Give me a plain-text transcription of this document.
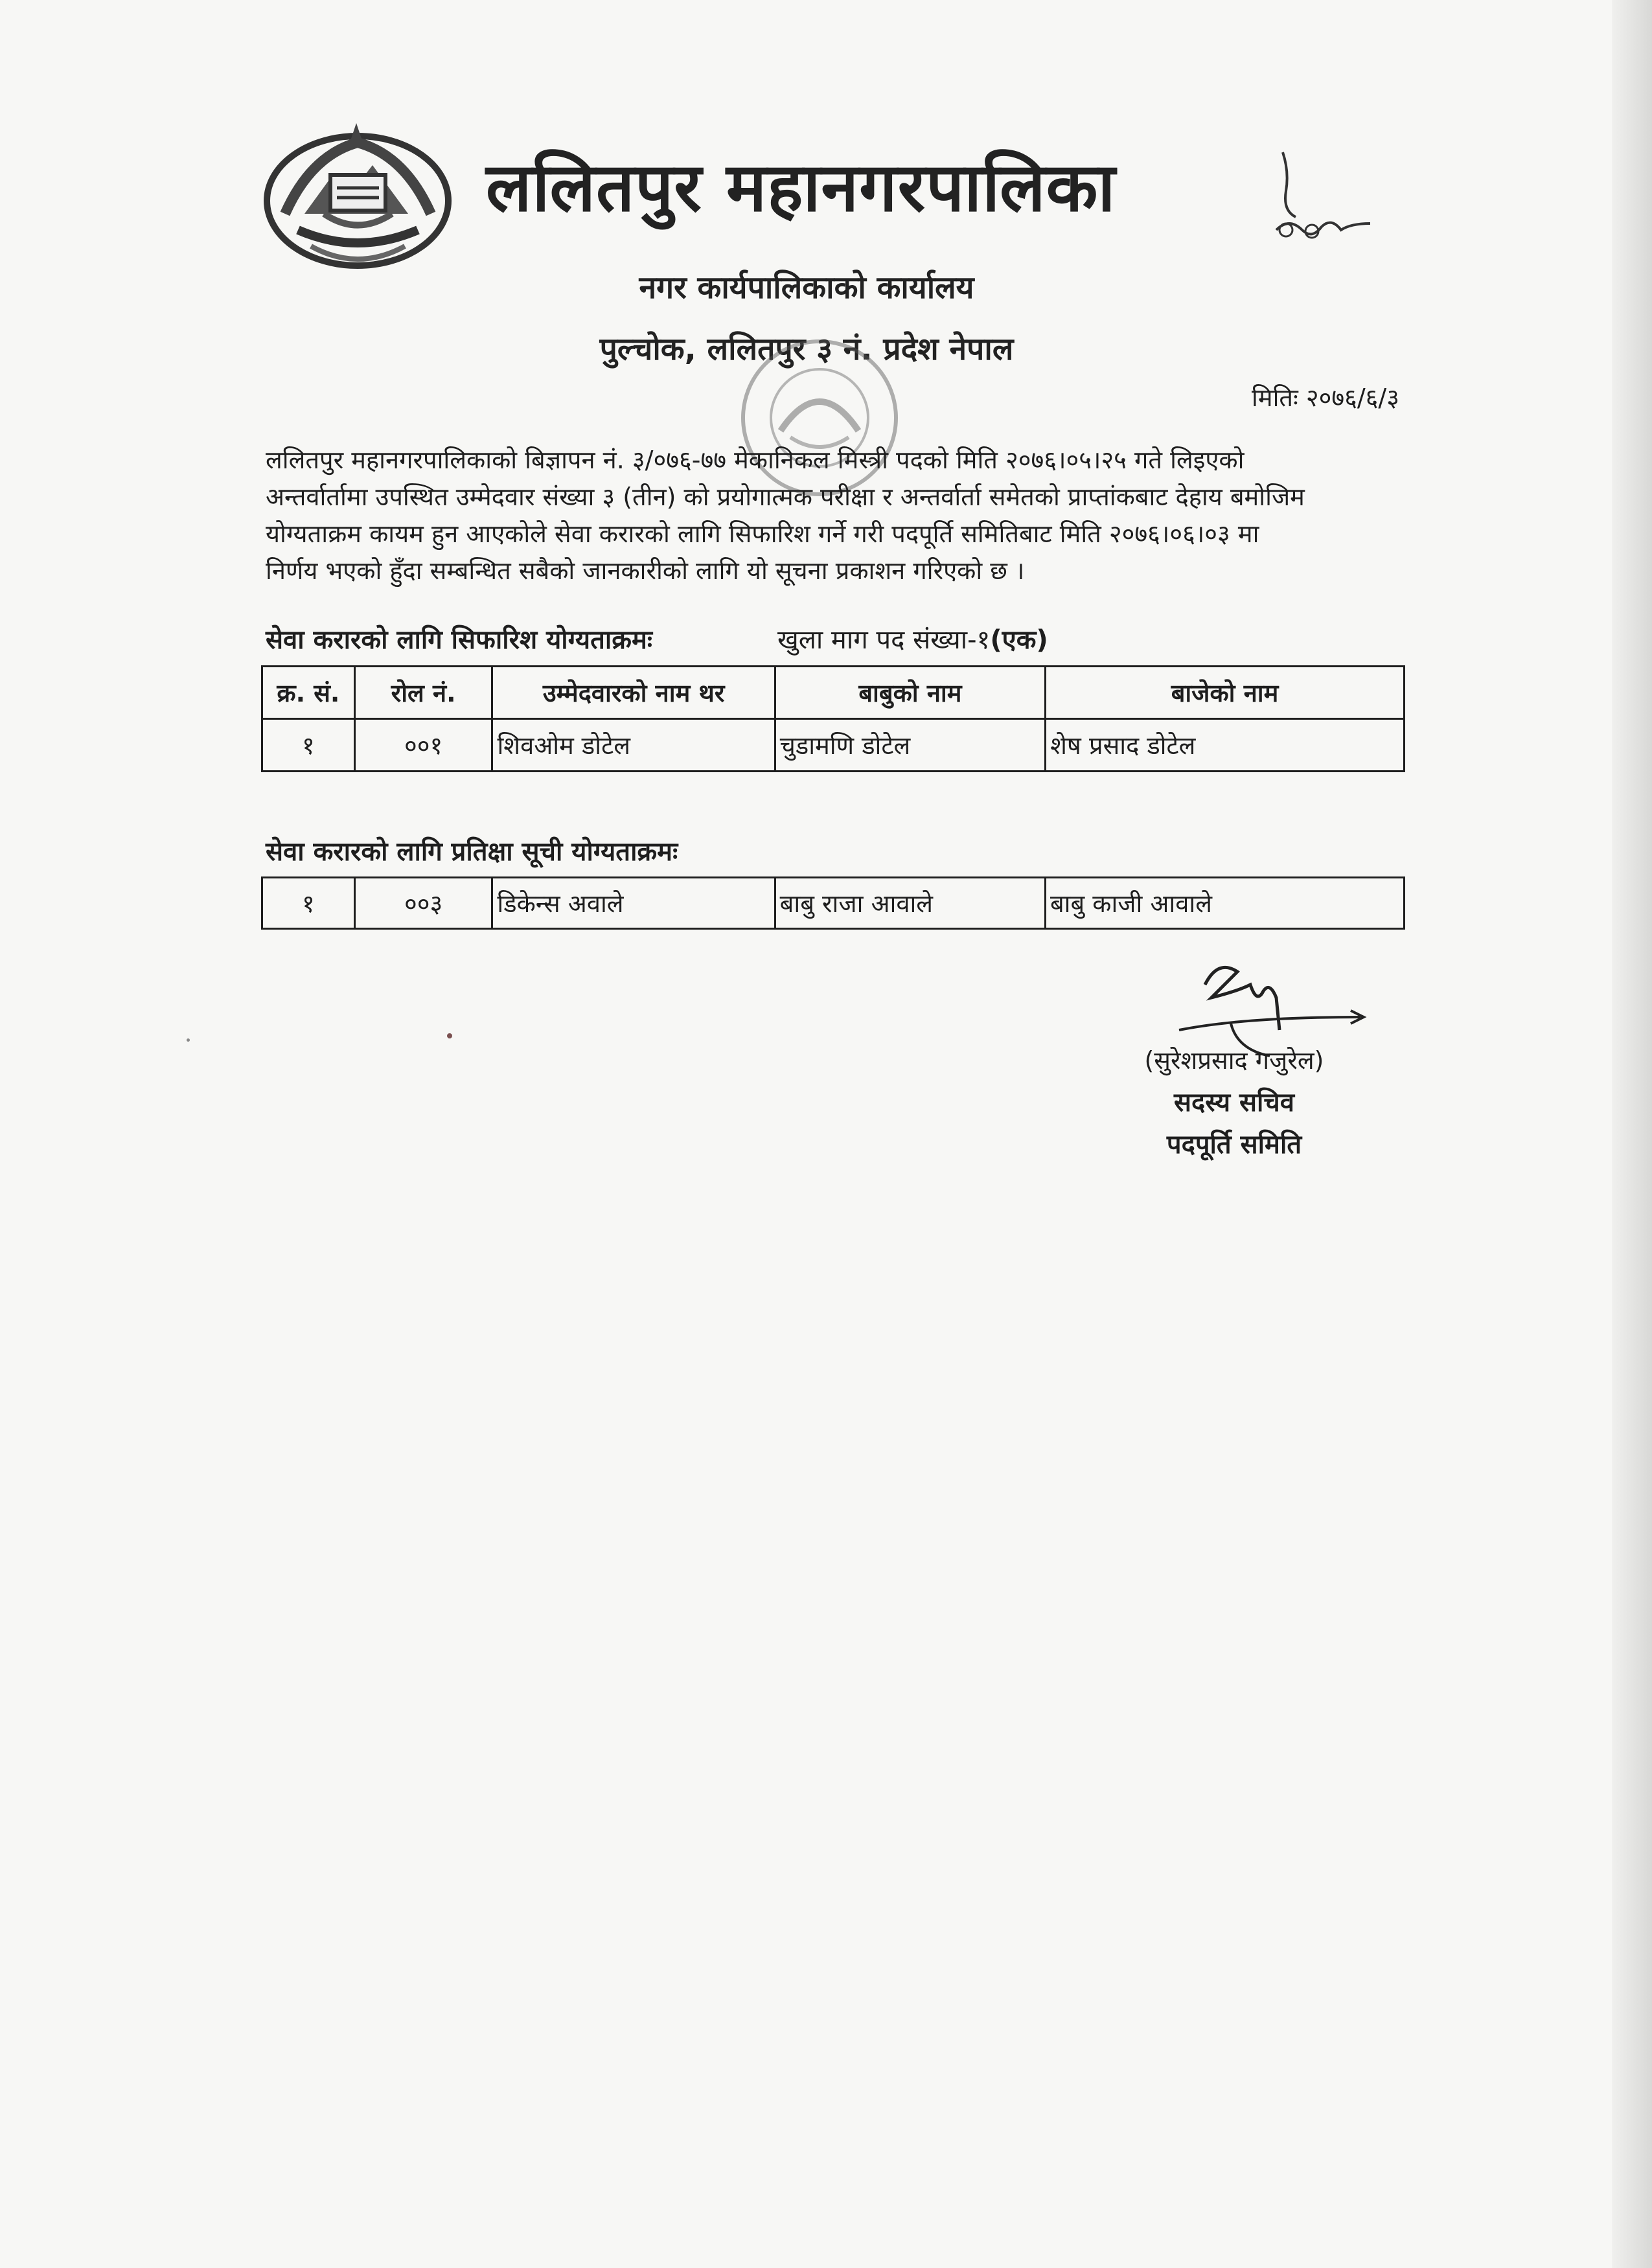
ललितपुर महानगरपालिका
नगर कार्यपालिकाको कार्यालय
पुल्चोक, ललितपुर ३ नं. प्रदेश नेपाल
मितिः २०७६/६/३

ललितपुर महानगरपालिकाको बिज्ञापन नं. ३/०७६-७७ मेकानिकल मिस्त्री पदको मिति २०७६।०५।२५ गते लिइएको
अन्तर्वार्तामा उपस्थित उम्मेदवार संख्या ३ (तीन) को प्रयोगात्मक परीक्षा र अन्तर्वार्ता समेतको प्राप्तांकबाट देहाय बमोजिम
योग्यताक्रम कायम हुन आएकोले सेवा करारको लागि सिफारिश गर्ने गरी पदपूर्ति समितिबाट मिति २०७६।०६।०३ मा
निर्णय भएको हुँदा सम्बन्धित सबैको जानकारीको लागि यो सूचना प्रकाशन गरिएको छ ।

सेवा करारको लागि सिफारिश योग्यताक्रमः	खुला माग पद संख्या-१(एक)
क्र. सं.	रोल नं.	उम्मेदवारको नाम थर	बाबुको नाम	बाजेको नाम
१	००१	शिवओम डोटेल	चुडामणि डोटेल	शेष प्रसाद डोटेल
सेवा करारको लागि प्रतिक्षा सूची योग्यताक्रमः
१	००३	डिकेन्स अवाले	बाबु राजा आवाले	बाबु काजी आवाले
(सुरेशप्रसाद गजुरेल)
सदस्य सचिव
पदपूर्ति समिति
